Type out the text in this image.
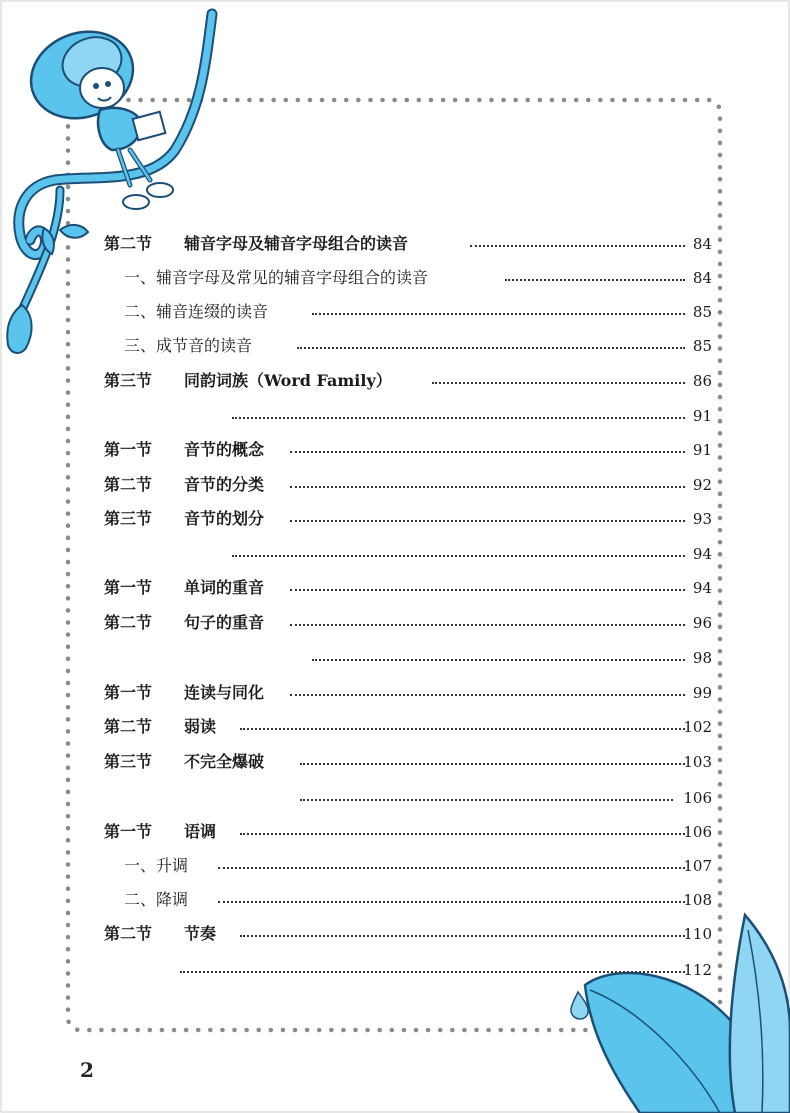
第二节 辅音字母及辅音字母组合的读音	84
一、辅音字母及常见的辅音字母组合的读音	84
二、辅音连缀的读音	85
三、成节音的读音	85
第三节 同韵词族（Word Family）	86
91
第一节 音节的概念	91
第二节 音节的分类	92
第三节 音节的划分	93
94
第一节 单词的重音	94
第二节 句子的重音	96
98
第一节 连读与同化	99
第二节 弱读	102
第三节 不完全爆破	103
106
第一节 语调	106
一、升调	107
二、降调	108
第二节 节奏	110
112
2
